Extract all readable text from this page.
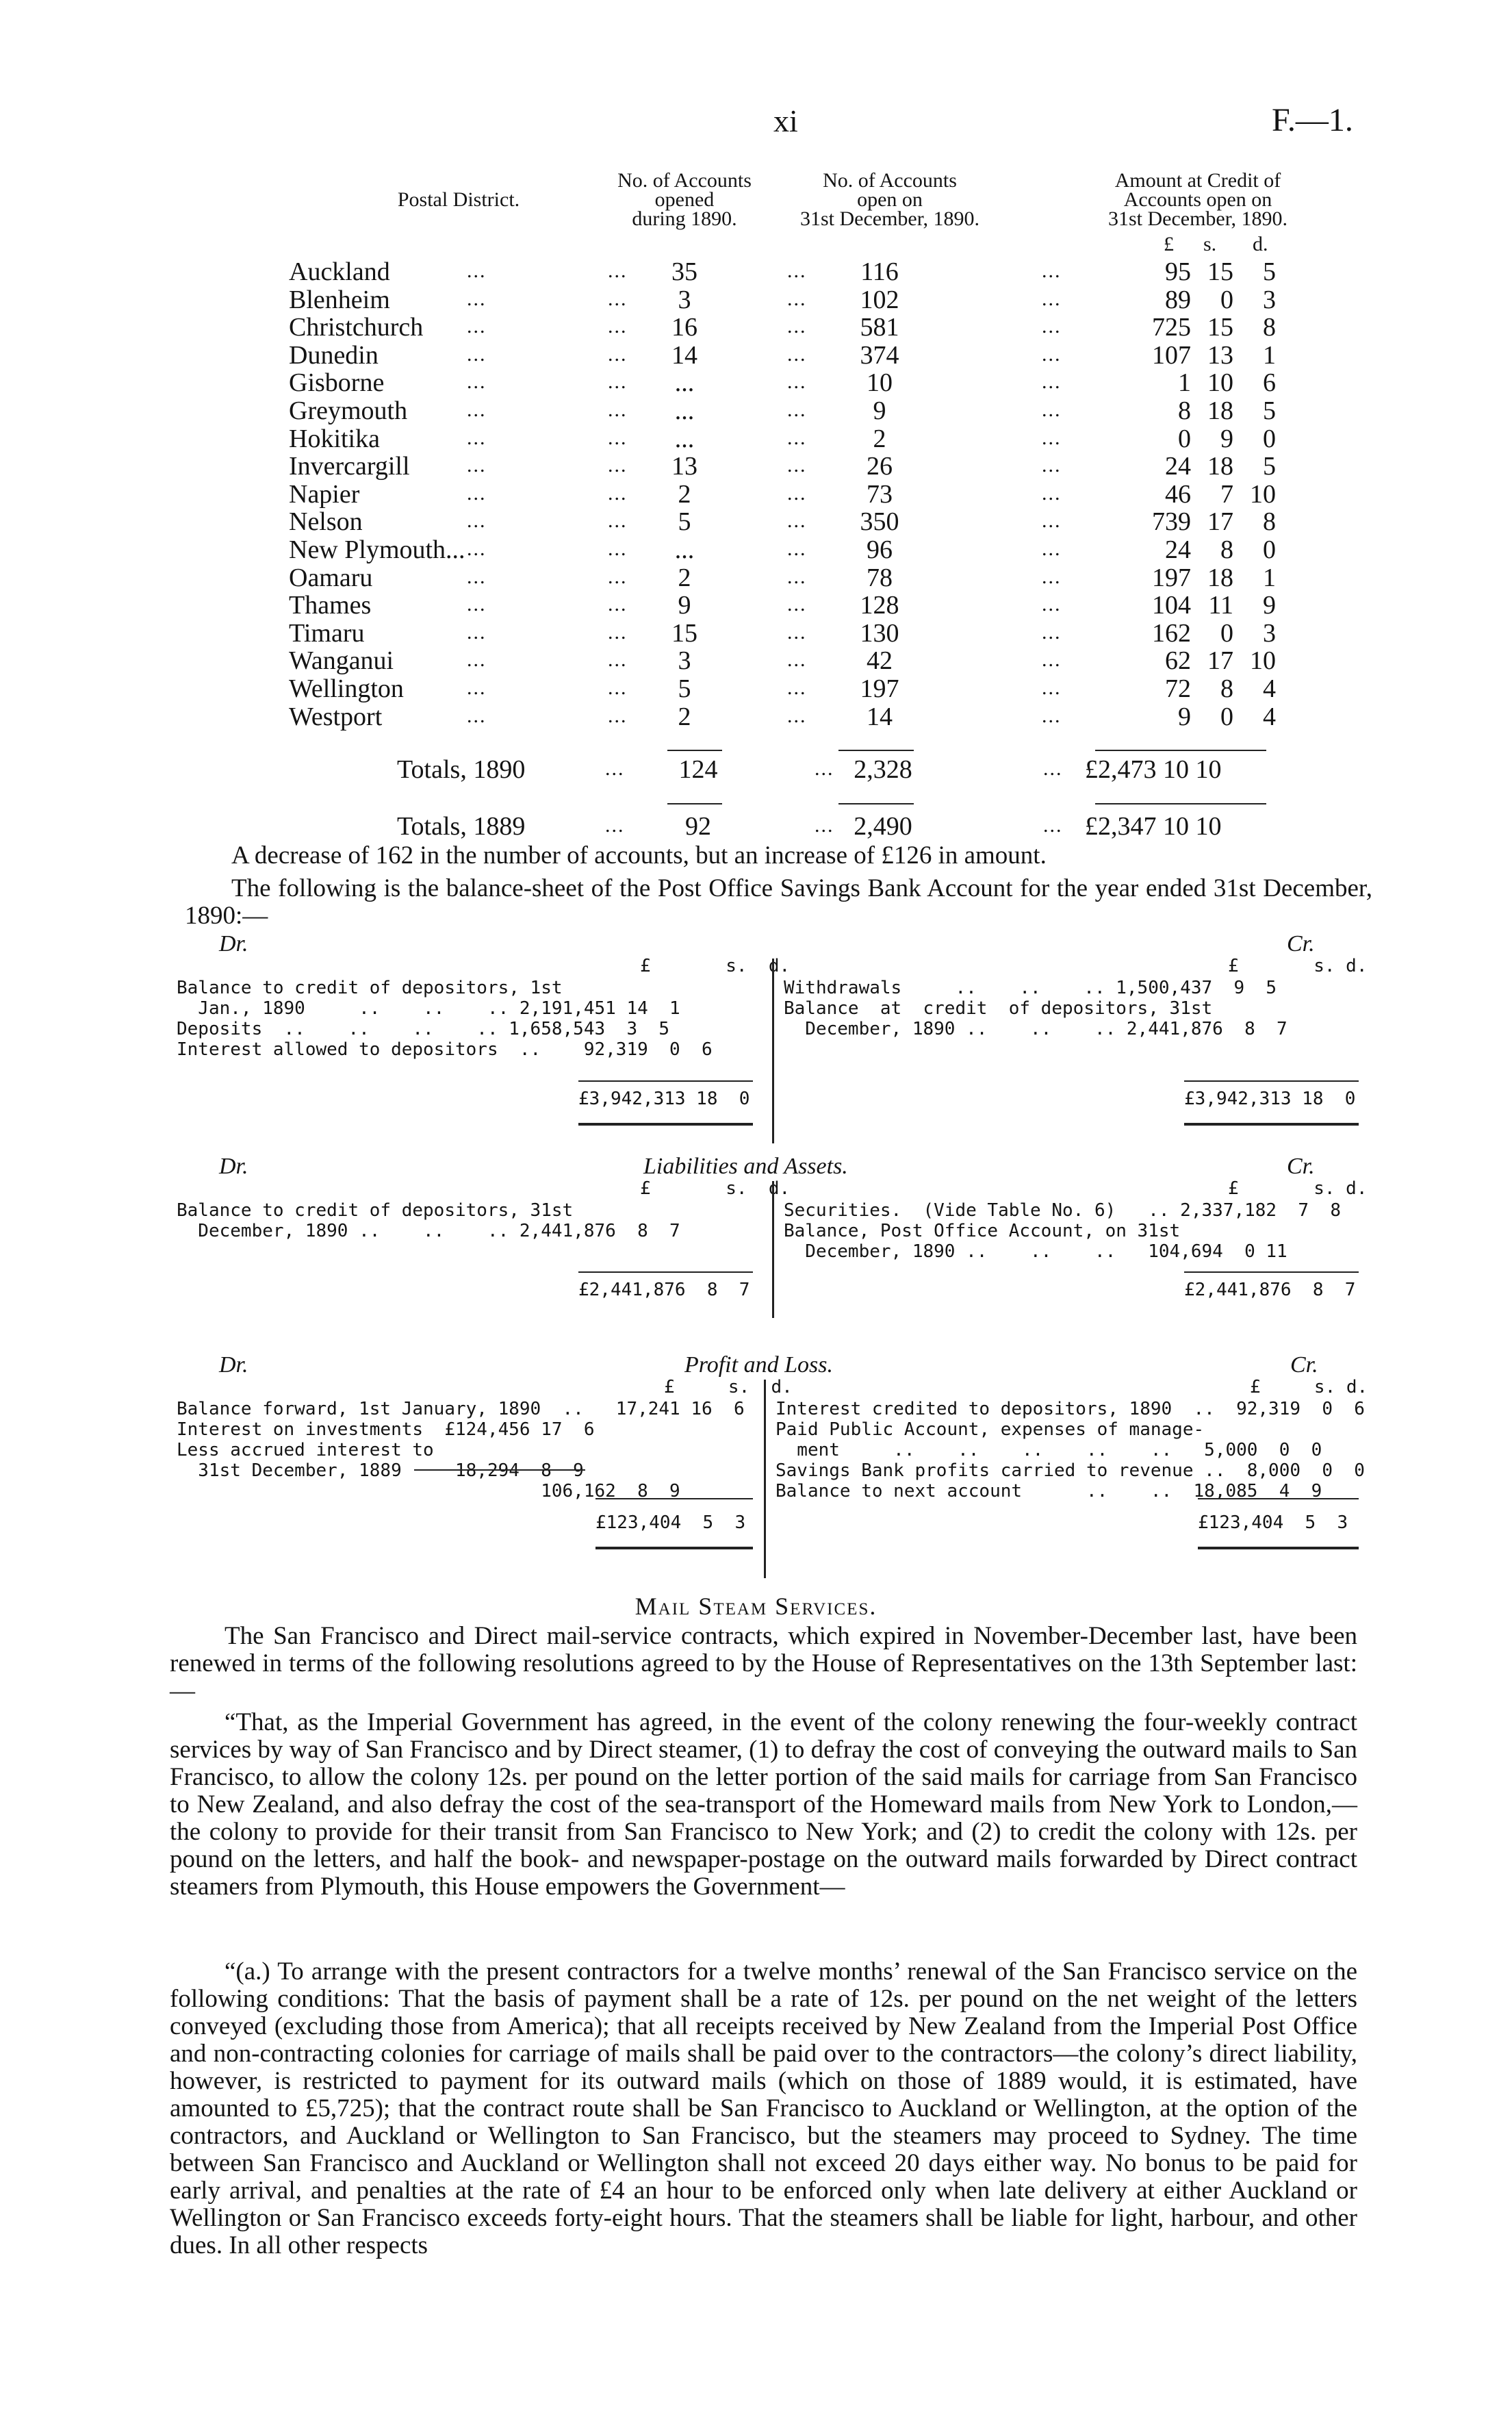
xi	F.—1.
Postal District.
No. of Accounts
opened
during 1890.
No. of Accounts
open on
31st December, 1890.
Amount at Credit of
Accounts open on
31st December, 1890.
£ s. d.
Auckland	...	...	35	...	116	...	95 15	5
Blenheim	...	...	3	...	102	...	89	0	3
Christchurch ...	...	16	...	581	...	725 15	8
Dunedin	...	...	14	...	374	...	107 13	1
Gisborne	...	...	...	...	10	...	1 10	6
Greymouth	...	...	...	...	9	...	8 18	5
Hokitika	...	...	...	...	2	...	0	9	0
Invercargill	...	...	13	...	26	...	24 18	5
Napier	...	...	2	...	73	...	46	7 10
Nelson	...	...	5	...	350	...	739 17	8
New Plymouth... ...	...	...	...	96	...	24	8	0
Oamaru	...	...	2	...	78	...	197 18	1
Thames	...	...	9	...	128	...	104 11	9
Timaru	...	...	15	...	130	...	162	0	3
Wanganui	...	...	3	...	42	...	62 17 10
Wellington	...	...	5	...	197	...	72	8	4
Westport	...	...	2	...	14	...	9	0	4
Totals, 1890	...	124	... 2,328	... £2,473 10 10
Totals, 1889	...	92	... 2,490	... £2,347 10 10
A decrease of 162 in the number of accounts, but an increase of £126 in amount.
The following is the balance-sheet of the Post Office Savings Bank Account for the year ended 31st December, 1890:—
Dr.	Cr.
£       s.  d.	£       s. d.
Balance to credit of depositors, 1st
Jan., 1890     ..    ..    .. 2,191,451 14  1
Deposits  ..    ..    ..    .. 1,658,543  3  5
Interest allowed to depositors  ..    92,319  0  6
Withdrawals     ..    ..    .. 1,500,437  9  5
Balance  at  credit  of depositors, 31st
December, 1890 ..    ..    .. 2,441,876  8  7
£3,942,313 18  0	£3,942,313 18  0
Dr.	Liabilities and Assets.	Cr.
£       s.  d.	£       s. d.
Balance to credit of depositors, 31st
December, 1890 ..    ..    .. 2,441,876  8  7
Securities.  (Vide Table No. 6)   .. 2,337,182  7  8
Balance, Post Office Account, on 31st
December, 1890 ..    ..    ..   104,694  0 11
£2,441,876  8  7	£2,441,876  8  7
Dr.	Profit and Loss.	Cr.
£     s.  d.	£     s. d.
Balance forward, 1st January, 1890  ..   17,241 16  6
Interest on investments  £124,456 17  6
Less accrued interest to
31st December, 1889     18,294  8  9
106,162  8  9
Interest credited to depositors, 1890  ..  92,319  0  6
Paid Public Account, expenses of manage-
ment     ..    ..    ..    ..    ..   5,000  0  0
Savings Bank profits carried to revenue ..  8,000  0  0
Balance to next account      ..    ..  18,085  4  9
£123,404  5  3	£123,404  5  3
Mail Steam Services.
The San Francisco and Direct mail-service contracts, which expired in November-December last, have been renewed in terms of the following resolutions agreed to by the House of Representatives on the 13th September last:—
“That, as the Imperial Government has agreed, in the event of the colony renewing the four-weekly contract services by way of San Francisco and by Direct steamer, (1) to defray the cost of conveying the outward mails to San Francisco, to allow the colony 12s. per pound on the letter portion of the said mails for carriage from San Francisco to New Zealand, and also defray the cost of the sea-transport of the Homeward mails from New York to London,—the colony to provide for their transit from San Francisco to New York; and (2) to credit the colony with 12s. per pound on the letters, and half the book- and newspaper-postage on the outward mails forwarded by Direct contract steamers from Plymouth, this House empowers the Government—
“(a.) To arrange with the present contractors for a twelve months’ renewal of the San Francisco service on the following conditions: That the basis of payment shall be a rate of 12s. per pound on the net weight of the letters conveyed (excluding those from America); that all receipts received by New Zealand from the Imperial Post Office and non-contracting colonies for carriage of mails shall be paid over to the contractors—the colony’s direct liability, however, is restricted to payment for its outward mails (which on those of 1889 would, it is estimated, have amounted to £5,725); that the contract route shall be San Francisco to Auckland or Wellington, at the option of the contractors, and Auckland or Wellington to San Francisco, but the steamers may proceed to Sydney. The time between San Francisco and Auckland or Wellington shall not exceed 20 days either way. No bonus to be paid for early arrival, and penalties at the rate of £4 an hour to be enforced only when late delivery at either Auckland or Wellington or San Francisco exceeds forty-eight hours. That the steamers shall be liable for light, harbour, and other dues. In all other respects
